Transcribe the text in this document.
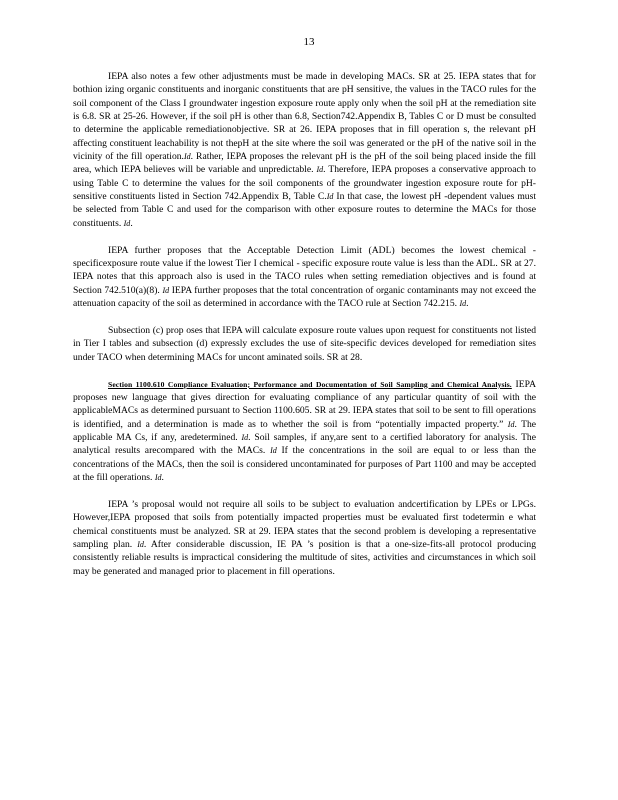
13

IEPA also notes a few other adjustments must be made in developing MACs. SR at 25. IEPA states that for bothion izing organic constituents and inorganic constituents that are pH sensitive, the values in the TACO rules for the soil component of the Class I groundwater ingestion exposure route apply only when the soil pH at the remediation site is 6.8. SR at 25-26. However, if the soil pH is other than 6.8, Section742.Appendix B, Tables C or D must be consulted to determine the applicable remediationobjective. SR at 26. IEPA proposes that in fill operation s, the relevant pH affecting constituent leachability is not thepH at the site where the soil was generated or the pH of the native soil in the vicinity of the fill operation.Id. Rather, IEPA proposes the relevant pH is the pH of the soil being placed inside the fill area, which IEPA believes will be variable and unpredictable. Id. Therefore, IEPA proposes a conservative approach to using Table C to determine the values for the soil components of the groundwater ingestion exposure route for pH-sensitive constituents listed in Section 742.Appendix B, Table C.Id In that case, the lowest pH -dependent values must be selected from Table C and used for the comparison with other exposure routes to determine the MACs for those constituents. Id.

IEPA further proposes that the Acceptable Detection Limit (ADL) becomes the lowest chemical -specificexposure route value if the lowest Tier I chemical - specific exposure route value is less than the ADL. SR at 27. IEPA notes that this approach also is used in the TACO rules when setting remediation objectives and is found at Section 742.510(a)(8). Id IEPA further proposes that the total concentration of organic contaminants may not exceed the attenuation capacity of the soil as determined in accordance with the TACO rule at Section 742.215. Id.

Subsection (c) prop oses that IEPA will calculate exposure route values upon request for constituents not listed in Tier I tables and subsection (d) expressly excludes the use of site-specific devices developed for remediation sites under TACO when determining MACs for uncont aminated soils. SR at 28.

Section 1100.610 Compliance Evaluation; Performance and Documentation of Soil Sampling and Chemical Analysis. IEPA proposes new language that gives direction for evaluating compliance of any particular quantity of soil with the applicableMACs as determined pursuant to Section 1100.605. SR at 29. IEPA states that soil to be sent to fill operations is identified, and a determination is made as to whether the soil is from “potentially impacted property.” Id. The applicable MA Cs, if any, aredetermined. Id. Soil samples, if any,are sent to a certified laboratory for analysis. The analytical results arecompared with the MACs. Id If the concentrations in the soil are equal to or less than the concentrations of the MACs, then the soil is considered uncontaminated for purposes of Part 1100 and may be accepted at the fill operations. Id.

IEPA ’s proposal would not require all soils to be subject to evaluation andcertification by LPEs or LPGs. However,IEPA proposed that soils from potentially impacted properties must be evaluated first todetermin e what chemical constituents must be analyzed. SR at 29. IEPA states that the second problem is developing a representative sampling plan. Id. After considerable discussion, IE PA ’s position is that a one-size-fits-all protocol producing consistently reliable results is impractical considering the multitude of sites, activities and circumstances in which soil may be generated and managed prior to placement in fill operations.
